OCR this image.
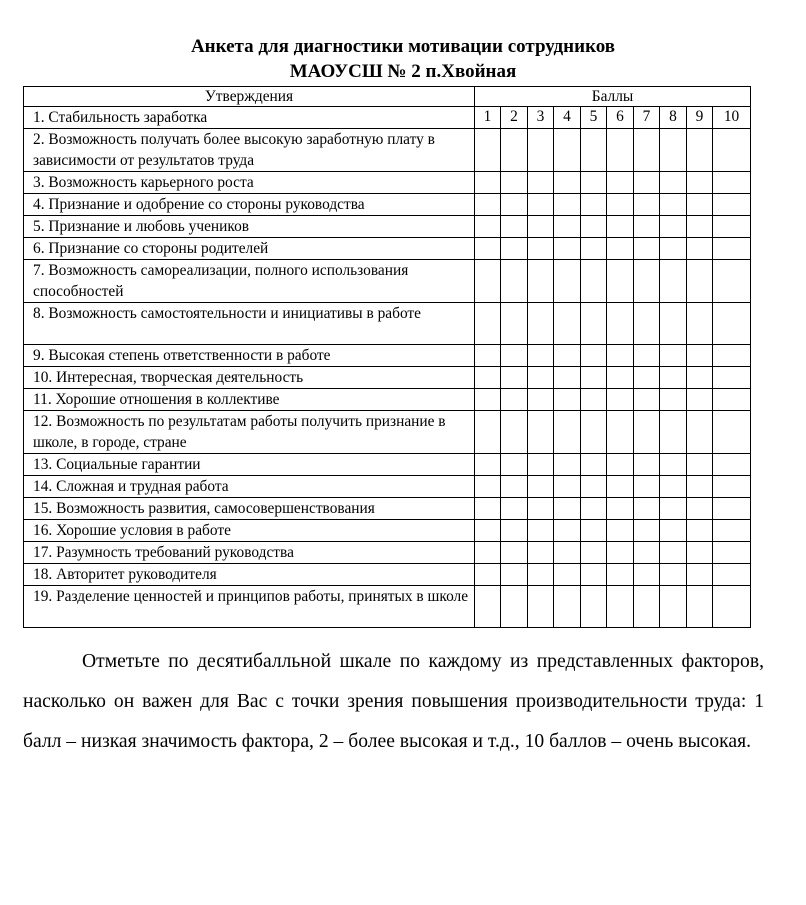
Анкета для диагностики мотивации сотрудников
МАОУСШ № 2 п.Хвойная
Утверждения	Баллы									
1. Стабильность заработка	1	2	3	4	5	6	7	8	9	10
2. Возможность получать более высокую заработную плату в зависимости от результатов труда										
3. Возможность карьерного роста										
4. Признание и одобрение со стороны руководства										
5. Признание и любовь учеников										
6. Признание со стороны родителей										
7. Возможность самореализации, полного использования способностей										
8. Возможность самостоятельности и инициативы в работе										
9. Высокая степень ответственности в работе										
10. Интересная, творческая деятельность										
11. Хорошие отношения в коллективе										
12. Возможность по результатам работы получить признание в школе, в городе, стране										
13. Социальные гарантии										
14. Сложная и трудная работа										
15. Возможность развития, самосовершенствования										
16. Хорошие условия в работе										
17. Разумность требований руководства										
18. Авторитет руководителя										
19. Разделение ценностей и принципов работы, принятых в школе										
Отметьте по десятибалльной шкале по каждому из представленных факторов, насколько он важен для Вас с точки зрения повышения производительности труда: 1 балл – низкая значимость фактора, 2 – более высокая и т.д., 10 баллов – очень высокая.
